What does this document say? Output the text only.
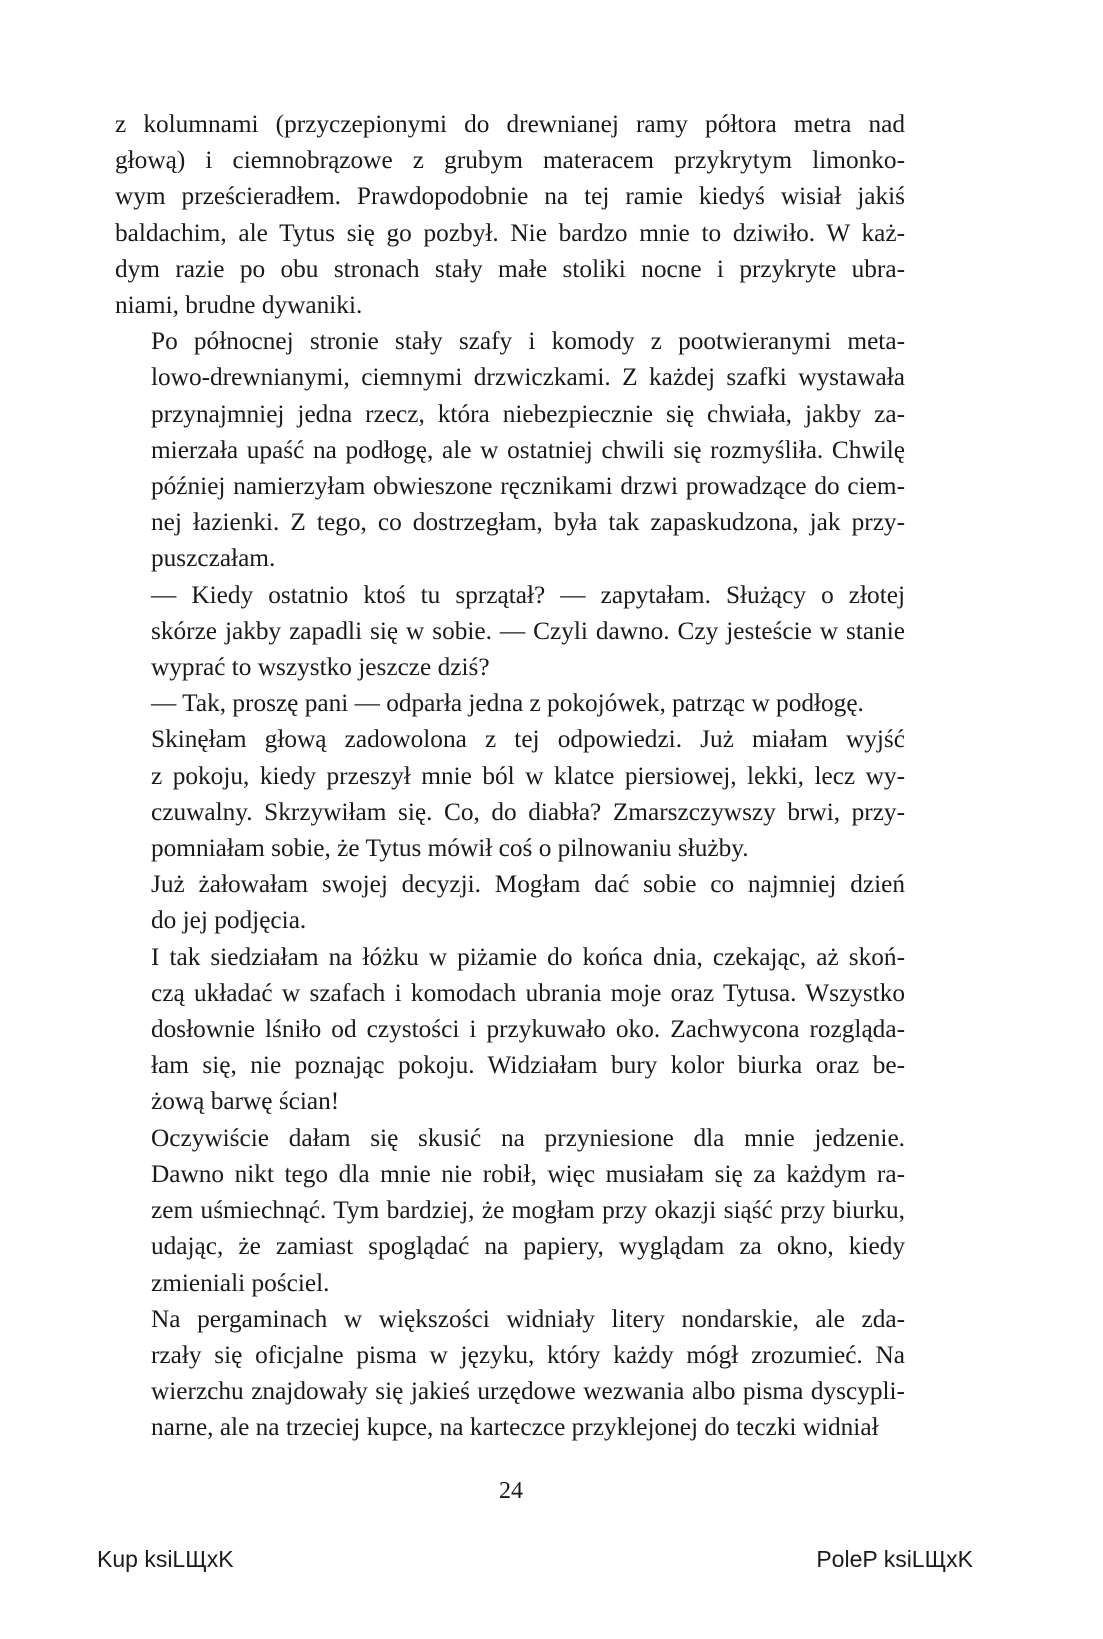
z kolumnami (przyczepionymi do drewnianej ramy półtora metra nad
głową) i ciemnobrązowe z grubym materacem przykrytym limonko-
wym prześcieradłem. Prawdopodobnie na tej ramie kiedyś wisiał jakiś
baldachim, ale Tytus się go pozbył. Nie bardzo mnie to dziwiło. W każ-
dym razie po obu stronach stały małe stoliki nocne i przykryte ubra-
niami, brudne dywaniki.

Po północnej stronie stały szafy i komody z pootwieranymi meta-
lowo-drewnianymi, ciemnymi drzwiczkami. Z każdej szafki wystawała
przynajmniej jedna rzecz, która niebezpiecznie się chwiała, jakby za-
mierzała upaść na podłogę, ale w ostatniej chwili się rozmyśliła. Chwilę
później namierzyłam obwieszone ręcznikami drzwi prowadzące do ciem-
nej łazienki. Z tego, co dostrzegłam, była tak zapaskudzona, jak przy-
puszczałam.

— Kiedy ostatnio ktoś tu sprzątał? — zapytałam. Służący o złotej
skórze jakby zapadli się w sobie. — Czyli dawno. Czy jesteście w stanie
wyprać to wszystko jeszcze dziś?

— Tak, proszę pani — odparła jedna z pokojówek, patrząc w podłogę.

Skinęłam głową zadowolona z tej odpowiedzi. Już miałam wyjść
z pokoju, kiedy przeszył mnie ból w klatce piersiowej, lekki, lecz wy-
czuwalny. Skrzywiłam się. Co, do diabła? Zmarszczywszy brwi, przy-
pomniałam sobie, że Tytus mówił coś o pilnowaniu służby.

Już żałowałam swojej decyzji. Mogłam dać sobie co najmniej dzień
do jej podjęcia.

I tak siedziałam na łóżku w piżamie do końca dnia, czekając, aż skoń-
czą układać w szafach i komodach ubrania moje oraz Tytusa. Wszystko
dosłownie lśniło od czystości i przykuwało oko. Zachwycona rozglądа-
łam się, nie poznając pokoju. Widziałam bury kolor biurka oraz be-
żową barwę ścian!

Oczywiście dałam się skusić na przyniesione dla mnie jedzenie.
Dawno nikt tego dla mnie nie robił, więc musiałam się za każdym ra-
zem uśmiechnąć. Tym bardziej, że mogłam przy okazji siąść przy biurku,
udając, że zamiast spoglądać na papiery, wyglądam za okno, kiedy
zmieniali pościel.

Na pergaminach w większości widniały litery nondarskie, ale zda-
rzały się oficjalne pisma w języku, który każdy mógł zrozumieć. Na
wierzchu znajdowały się jakieś urzędowe wezwania albo pisma dyscypli-
narne, ale na trzeciej kupce, na karteczce przyklejonej do teczki widniał

24
Kup ksiLЩxK	PoleP ksiLЩxK
